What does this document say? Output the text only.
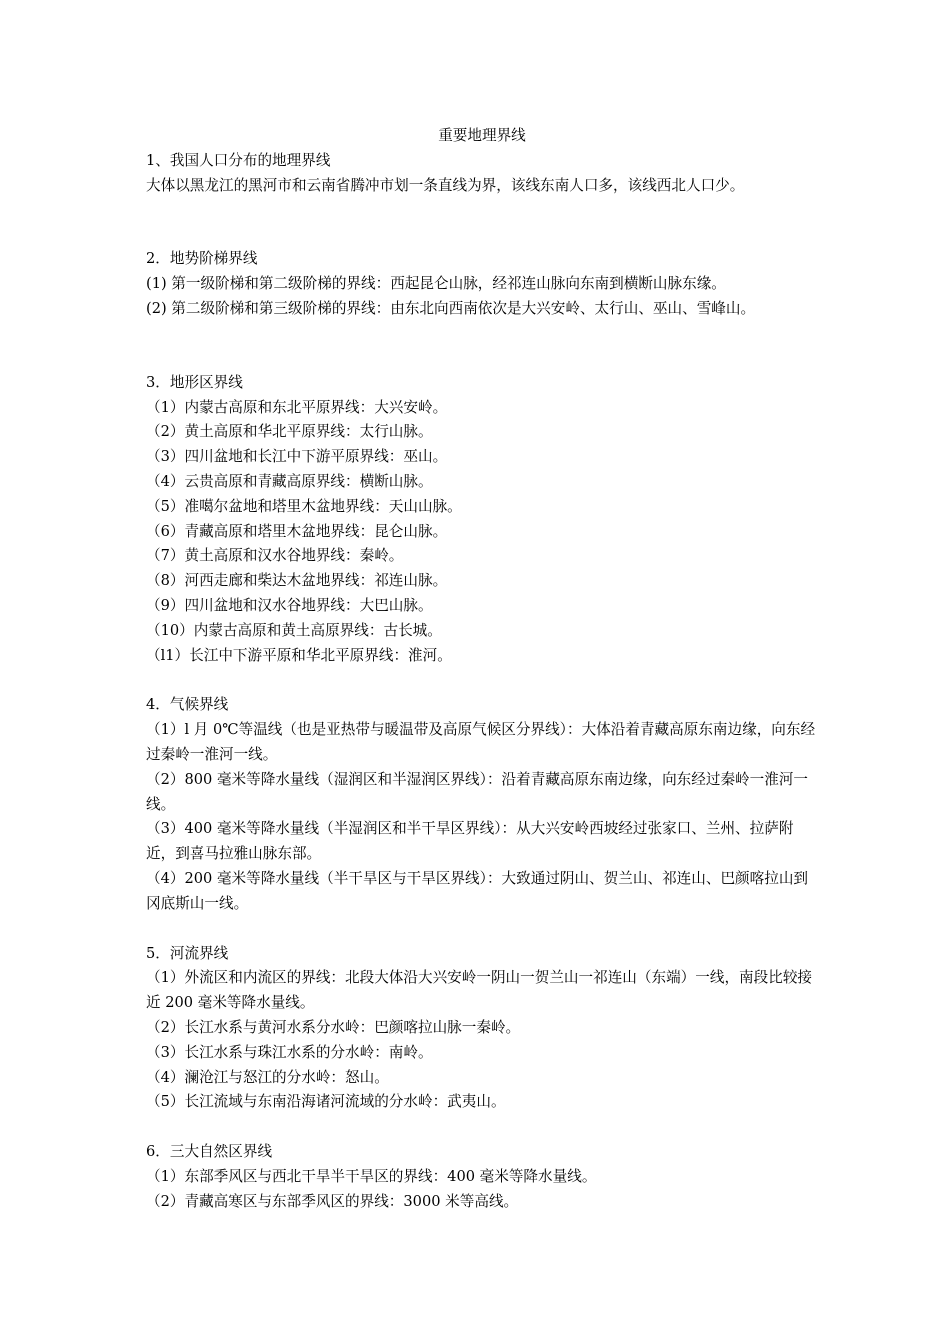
重要地理界线

1、我国人口分布的地理界线

大体以黑龙江的黑河市和云南省腾冲市划一条直线为界，该线东南人口多，该线西北人口少。

2．地势阶梯界线

(1) 第一级阶梯和第二级阶梯的界线：西起昆仑山脉，经祁连山脉向东南到横断山脉东缘。

(2) 第二级阶梯和第三级阶梯的界线：由东北向西南依次是大兴安岭、太行山、巫山、雪峰山。

3．地形区界线

（1）内蒙古高原和东北平原界线：大兴安岭。

（2）黄土高原和华北平原界线：太行山脉。

（3）四川盆地和长江中下游平原界线：巫山。

（4）云贵高原和青藏高原界线：横断山脉。

（5）准噶尔盆地和塔里木盆地界线：天山山脉。

（6）青藏高原和塔里木盆地界线：昆仑山脉。

（7）黄土高原和汉水谷地界线：秦岭。

（8）河西走廊和柴达木盆地界线：祁连山脉。

（9）四川盆地和汉水谷地界线：大巴山脉。

（10）内蒙古高原和黄土高原界线：古长城。

（l1）长江中下游平原和华北平原界线：淮河。

4．气候界线

（1）l 月 0℃等温线（也是亚热带与暖温带及高原气候区分界线）：大体沿着青藏高原东南边缘，向东经过秦岭一淮河一线。

（2）800 毫米等降水量线（湿润区和半湿润区界线）：沿着青藏高原东南边缘，向东经过秦岭一淮河一线。

（3）400 毫米等降水量线（半湿润区和半干旱区界线）：从大兴安岭西坡经过张家口、兰州、拉萨附近，到喜马拉雅山脉东部。

（4）200 毫米等降水量线（半干旱区与干旱区界线）：大致通过阴山、贺兰山、祁连山、巴颜喀拉山到冈底斯山一线。

5．河流界线

（1）外流区和内流区的界线：北段大体沿大兴安岭一阴山一贺兰山一祁连山（东端）一线，南段比较接近 200 毫米等降水量线。

（2）长江水系与黄河水系分水岭：巴颜喀拉山脉一秦岭。

（3）长江水系与珠江水系的分水岭：南岭。

（4）澜沧江与怒江的分水岭：怒山。

（5）长江流域与东南沿海诸河流域的分水岭：武夷山。

6．三大自然区界线

（1）东部季风区与西北干旱半干旱区的界线：400 毫米等降水量线。

（2）青藏高寒区与东部季风区的界线：3000 米等高线。
